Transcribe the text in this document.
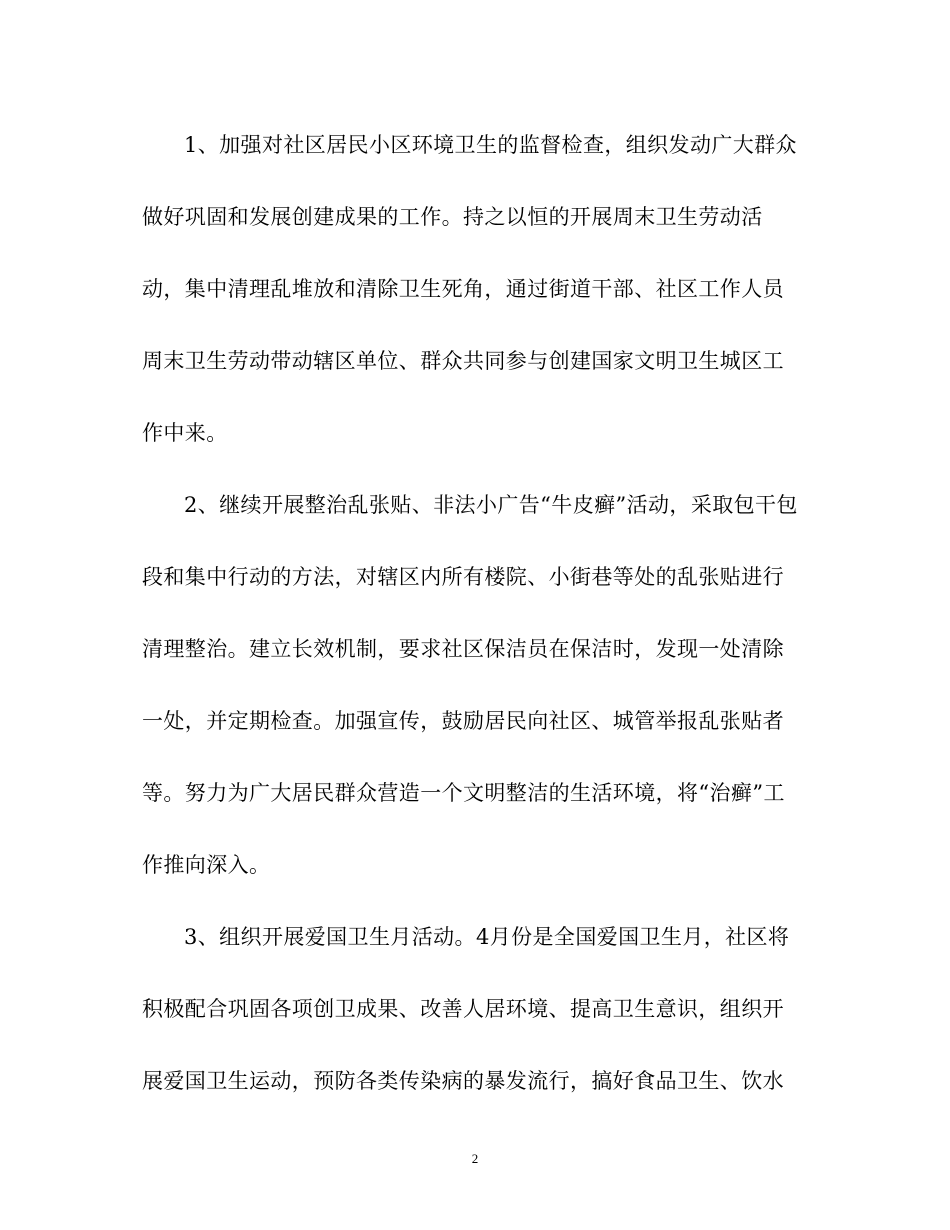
1、加强对社区居民小区环境卫生的监督检查，组织发动广大群众
做好巩固和发展创建成果的工作。持之以恒的开展周末卫生劳动活
动，集中清理乱堆放和清除卫生死角，通过街道干部、社区工作人员
周末卫生劳动带动辖区单位、群众共同参与创建国家文明卫生城区工
作中来。
2、继续开展整治乱张贴、非法小广告“牛皮癣”活动，采取包干包
段和集中行动的方法，对辖区内所有楼院、小街巷等处的乱张贴进行
清理整治。建立长效机制，要求社区保洁员在保洁时，发现一处清除
一处，并定期检查。加强宣传，鼓励居民向社区、城管举报乱张贴者
等。努力为广大居民群众营造一个文明整洁的生活环境，将“治癣”工
作推向深入。
3、组织开展爱国卫生月活动。4月份是全国爱国卫生月，社区将
积极配合巩固各项创卫成果、改善人居环境、提高卫生意识，组织开
展爱国卫生运动，预防各类传染病的暴发流行，搞好食品卫生、饮水
2
